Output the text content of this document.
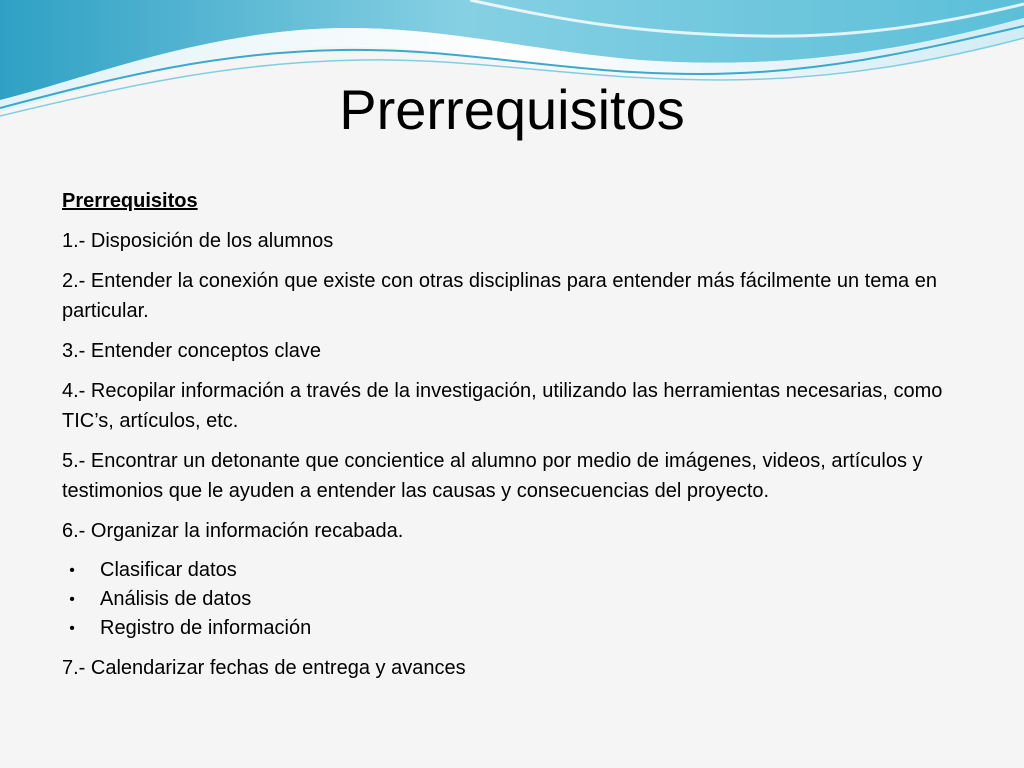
Prerrequisitos

Prerrequisitos

1.- Disposición de los alumnos

2.- Entender la conexión que existe con otras disciplinas para entender más fácilmente un tema en particular.

3.- Entender conceptos clave

4.- Recopilar información a través de la investigación, utilizando las herramientas necesarias, como TIC’s, artículos, etc.

5.- Encontrar un detonante que concientice al alumno por medio de imágenes, videos, artículos y testimonios que le ayuden a entender las causas y consecuencias del proyecto.

6.- Organizar la información recabada.

•	Clasificar datos
•	Análisis de datos
•	Registro de información

7.- Calendarizar fechas de entrega y avances
